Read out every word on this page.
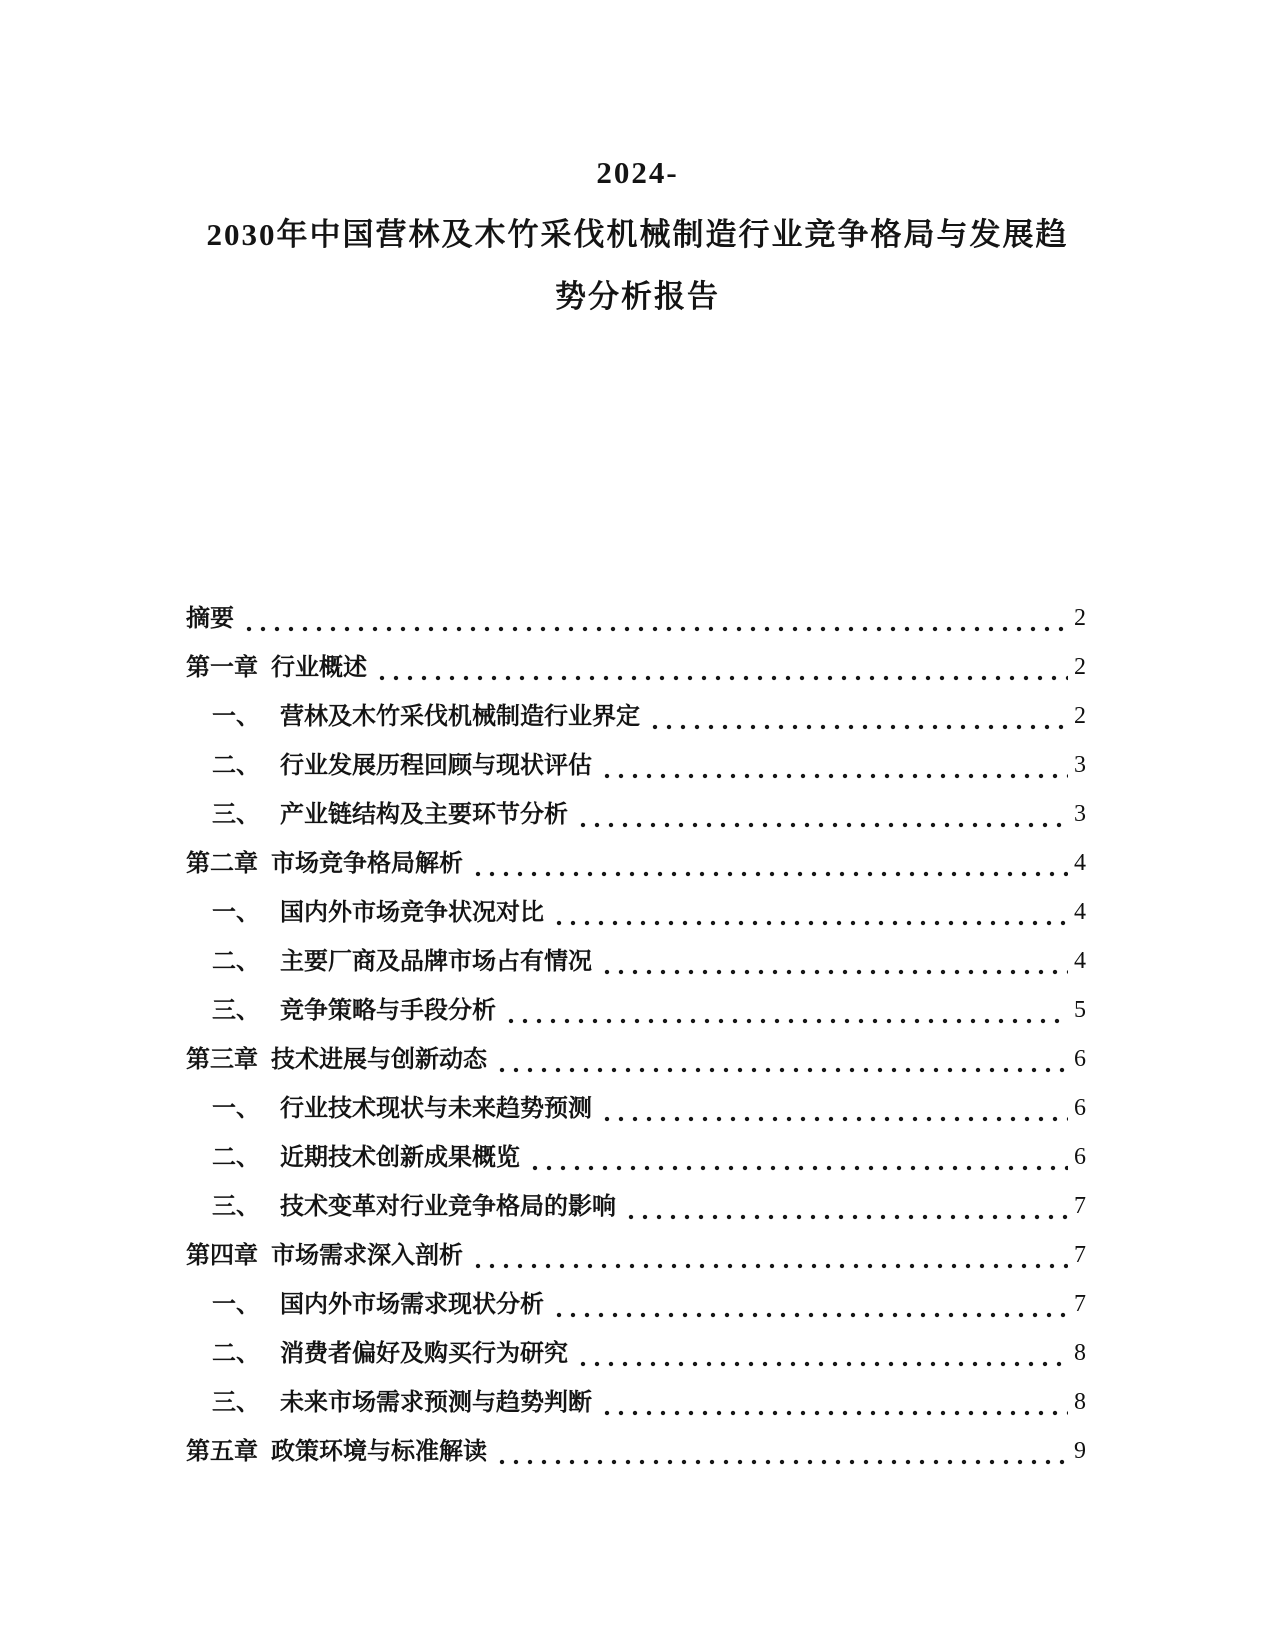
2024-
2030年中国营林及木竹采伐机械制造行业竞争格局与发展趋
势分析报告
摘要	2
第一章 行业概述	2
一、 营林及木竹采伐机械制造行业界定	2
二、 行业发展历程回顾与现状评估	3
三、 产业链结构及主要环节分析	3
第二章 市场竞争格局解析	4
一、 国内外市场竞争状况对比	4
二、 主要厂商及品牌市场占有情况	4
三、 竞争策略与手段分析	5
第三章 技术进展与创新动态	6
一、 行业技术现状与未来趋势预测	6
二、 近期技术创新成果概览	6
三、 技术变革对行业竞争格局的影响	7
第四章 市场需求深入剖析	7
一、 国内外市场需求现状分析	7
二、 消费者偏好及购买行为研究	8
三、 未来市场需求预测与趋势判断	8
第五章 政策环境与标准解读	9
